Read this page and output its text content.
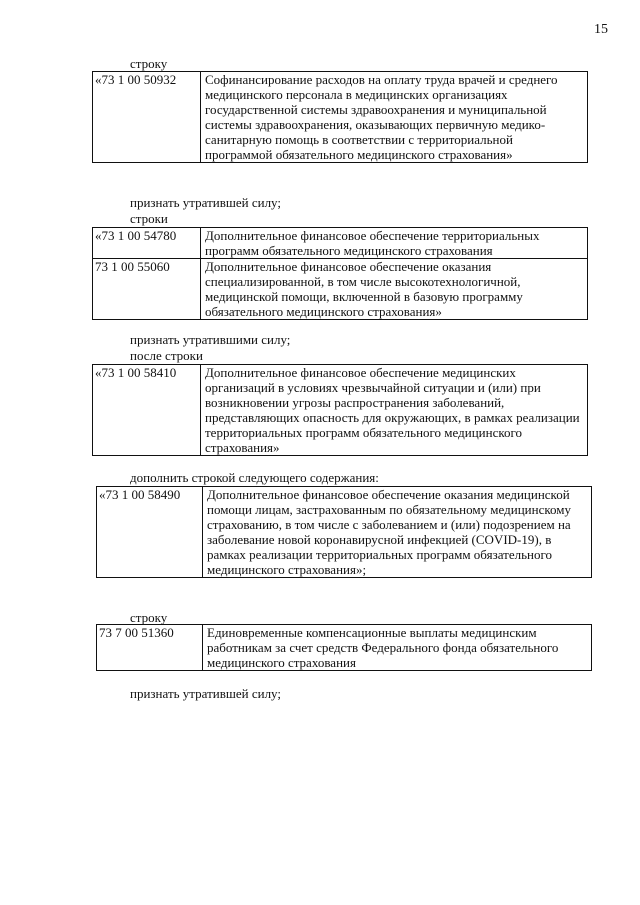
15
строку
«73 1 00 50932	Софинансирование расходов на оплату труда врачей и среднего медицинского персонала в медицинских организациях государственной системы здравоохранения и муниципальной системы здравоохранения, оказывающих первичную медико-санитарную помощь в соответствии с территориальной программой обязательного медицинского страхования»
признать утратившей силу;
строки
«73 1 00 54780	Дополнительное финансовое обеспечение территориальных программ обязательного медицинского страхования
73 1 00 55060	Дополнительное финансовое обеспечение оказания специализированной, в том числе высокотехнологичной, медицинской помощи, включенной в базовую программу обязательного медицинского страхования»
признать утратившими силу;
после строки
«73 1 00 58410	Дополнительное финансовое обеспечение медицинских организаций в условиях чрезвычайной ситуации и (или) при возникновении угрозы распространения заболеваний, представляющих опасность для окружающих, в рамках реализации территориальных программ обязательного медицинского страхования»
дополнить строкой следующего содержания:
«73 1 00 58490	Дополнительное финансовое обеспечение оказания медицинской помощи лицам, застрахованным по обязательному медицинскому страхованию, в том числе с заболеванием и (или) подозрением на заболевание новой коронавирусной инфекцией (COVID-19), в рамках реализации территориальных программ обязательного медицинского страхования»;
строку
73 7 00 51360	Единовременные компенсационные выплаты медицинским работникам за счет средств Федерального фонда обязательного медицинского страхования
признать утратившей силу;
